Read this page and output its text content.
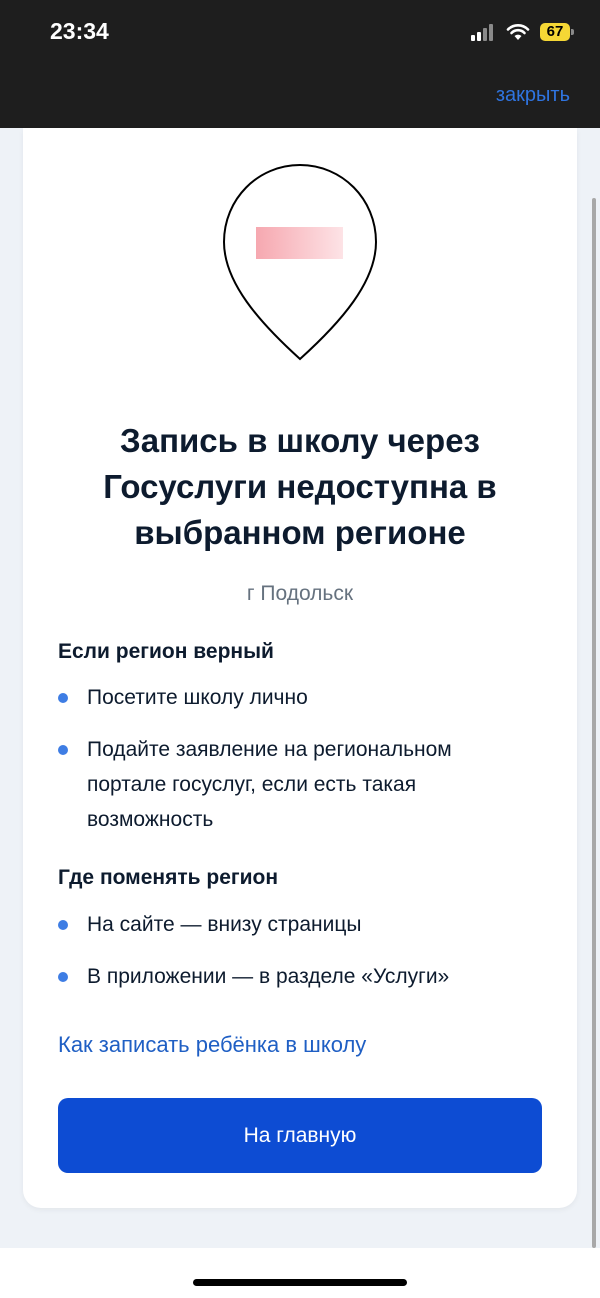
23:34	67
закрыть
Запись в школу через Госуслуги недоступна в выбранном регионе
г Подольск
Если регион верный
Посетите школу лично
Подайте заявление на региональном портале госуслуг, если есть такая возможность
Где поменять регион
На сайте — внизу страницы
В приложении — в разделе «Услуги»
Как записать ребёнка в школу
На главную
